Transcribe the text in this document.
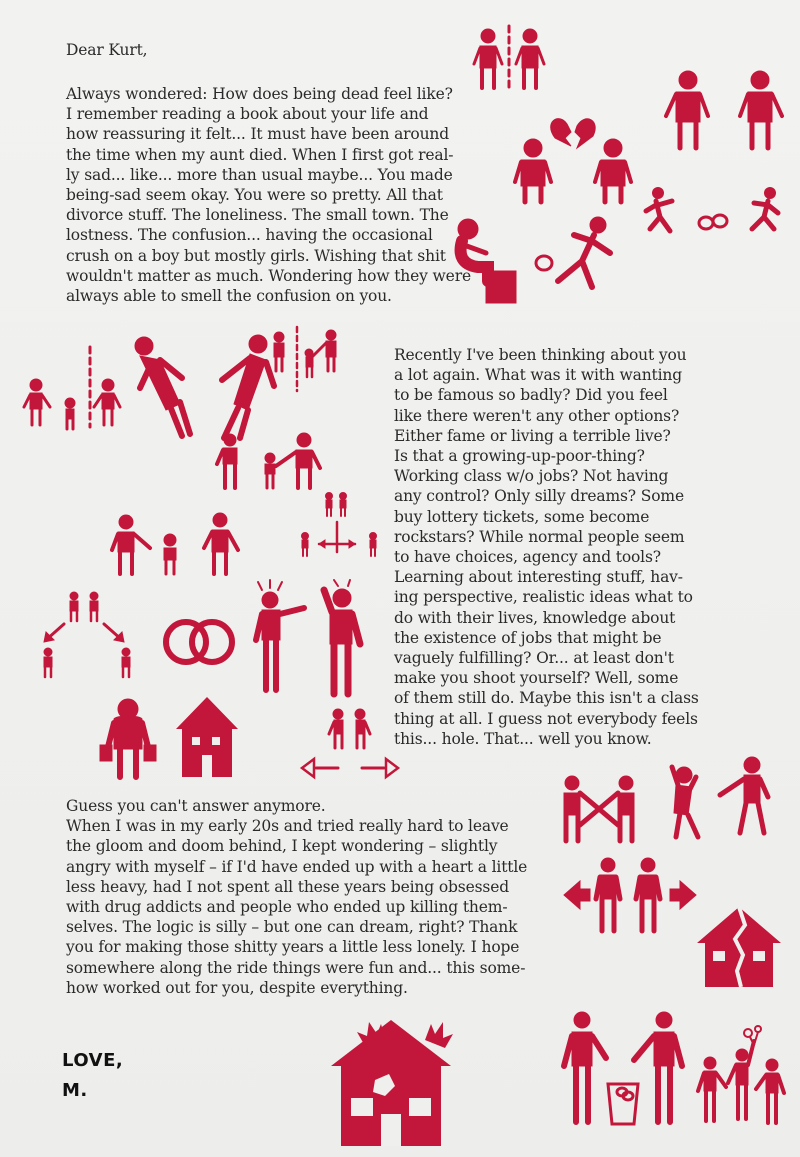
Dear Kurt,
Always wondered: How does being dead feel like?
I remember reading a book about your life and
how reassuring it felt... It must have been around
the time when my aunt died. When I first got real-
ly sad... like... more than usual maybe... You made
being-sad seem okay. You were so pretty. All that
divorce stuff. The loneliness. The small town. The
lostness. The confusion... having the occasional
crush on a boy but mostly girls. Wishing that shit
wouldn't matter as much. Wondering how they were
always able to smell the confusion on you.
Recently I've been thinking about you
a lot again. What was it with wanting
to be famous so badly? Did you feel
like there weren't any other options?
Either fame or living a terrible live?
Is that a growing-up-poor-thing?
Working class w/o jobs? Not having
any control? Only silly dreams? Some
buy lottery tickets, some become
rockstars? While normal people seem
to have choices, agency and tools?
Learning about interesting stuff, hav-
ing perspective, realistic ideas what to
do with their lives, knowledge about
the existence of jobs that might be
vaguely fulfilling? Or... at least don't
make you shoot yourself? Well, some
of them still do. Maybe this isn't a class
thing at all. I guess not everybody feels
this... hole. That... well you know.
Guess you can't answer anymore.
When I was in my early 20s and tried really hard to leave
the gloom and doom behind, I kept wondering – slightly
angry with myself – if I'd have ended up with a heart a little
less heavy, had I not spent all these years being obsessed
with drug addicts and people who ended up killing them-
selves. The logic is silly – but one can dream, right? Thank
you for making those shitty years a little less lonely. I hope
somewhere along the ride things were fun and... this some-
how worked out for you, despite everything.
LOVE,
M.
